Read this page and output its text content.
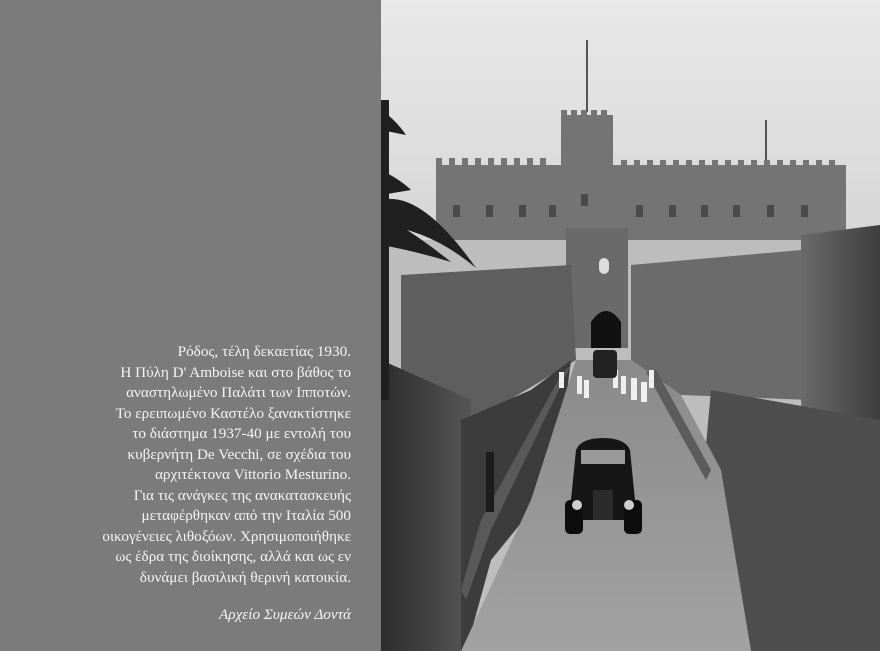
Ρόδος, τέλη δεκαετίας 1930.
Η Πύλη D' Amboise και στο βάθος το
αναστηλωμένο Παλάτι των Ιπποτών.
Το ερειπωμένο Καστέλο ξανακτίστηκε
το διάστημα 1937-40 με εντολή του
κυβερνήτη De Vecchi, σε σχέδια του
αρχιτέκτονα Vittorio Mesturino.
Για τις ανάγκες της ανακατασκευής
μεταφέρθηκαν από την Ιταλία 500
οικογένειες λιθοξόων. Χρησιμοποιήθηκε
ως έδρα της διοίκησης, αλλά και ως εν
δυνάμει βασιλική θερινή κατοικία.
Αρχείο Συμεών Δοντά
